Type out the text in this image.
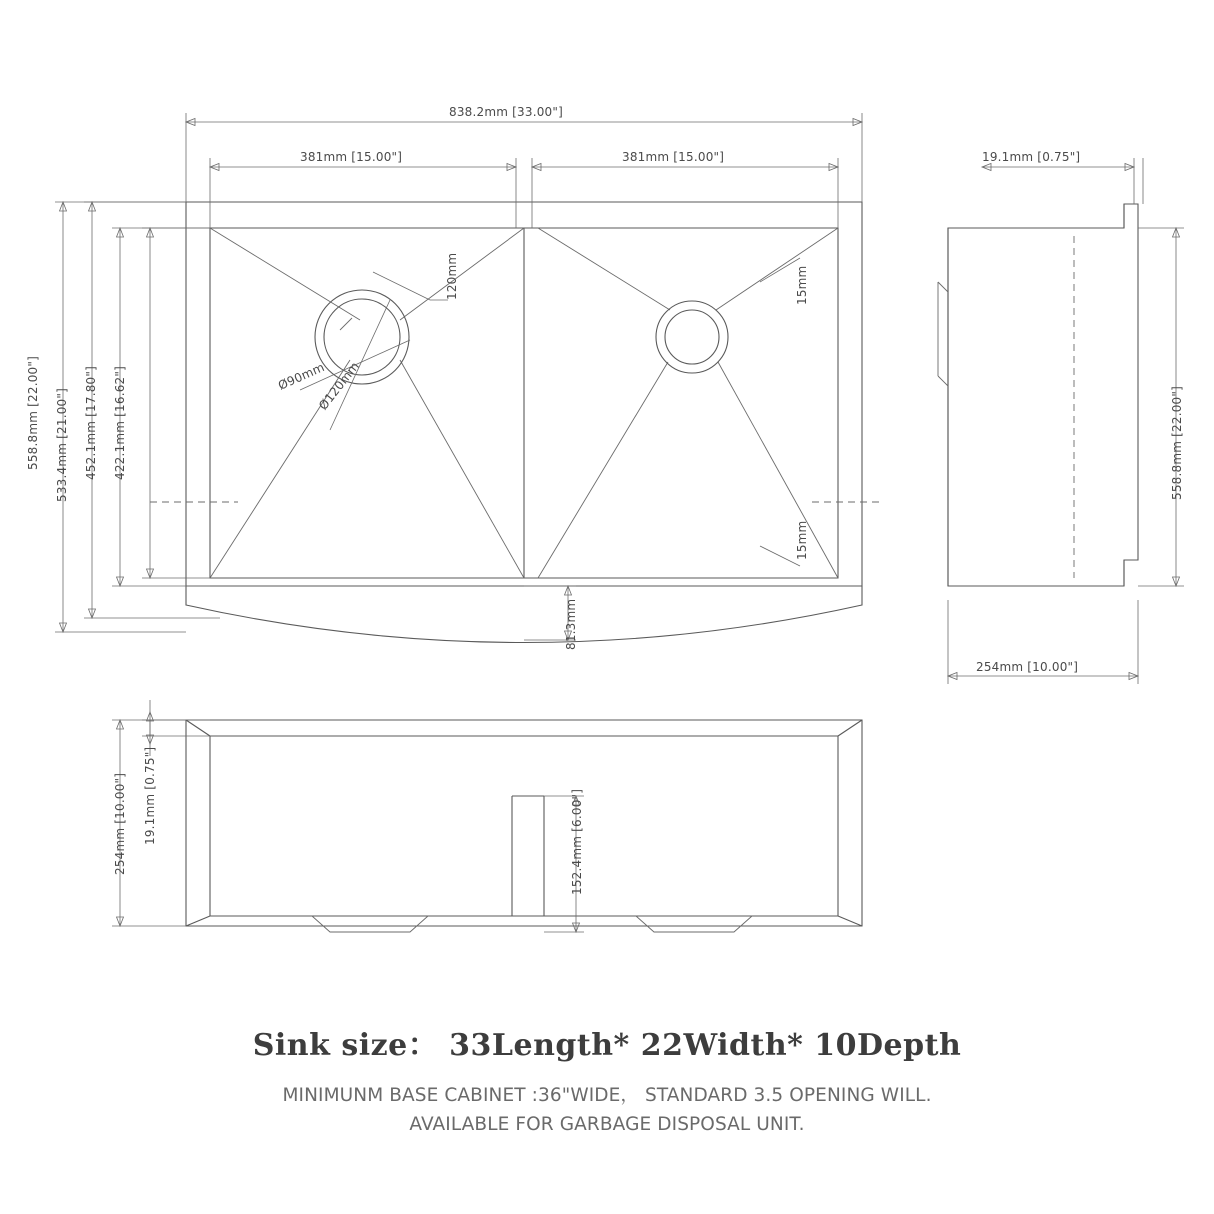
838.2mm [33.00"]
381mm [15.00"]	381mm [15.00"]
558.8mm [22.00"] 533.4mm [21.00"] 452.1mm [17.80"] 422.1mm [16.62"]
81.3mm
Ø120mm
Ø90mm
120mm	15mm
15mm
19.1mm [0.75"]
558.8mm [22.00"]
254mm [10.00"]
254mm [10.00"] 19.1mm [0.75"]	152.4mm [6.00"]
Sink size： 33Length* 22Width* 10Depth
MINIMUNM BASE CABINET :36"WIDE， STANDARD 3.5 OPENING WILL.
AVAILABLE FOR GARBAGE DISPOSAL UNIT.
